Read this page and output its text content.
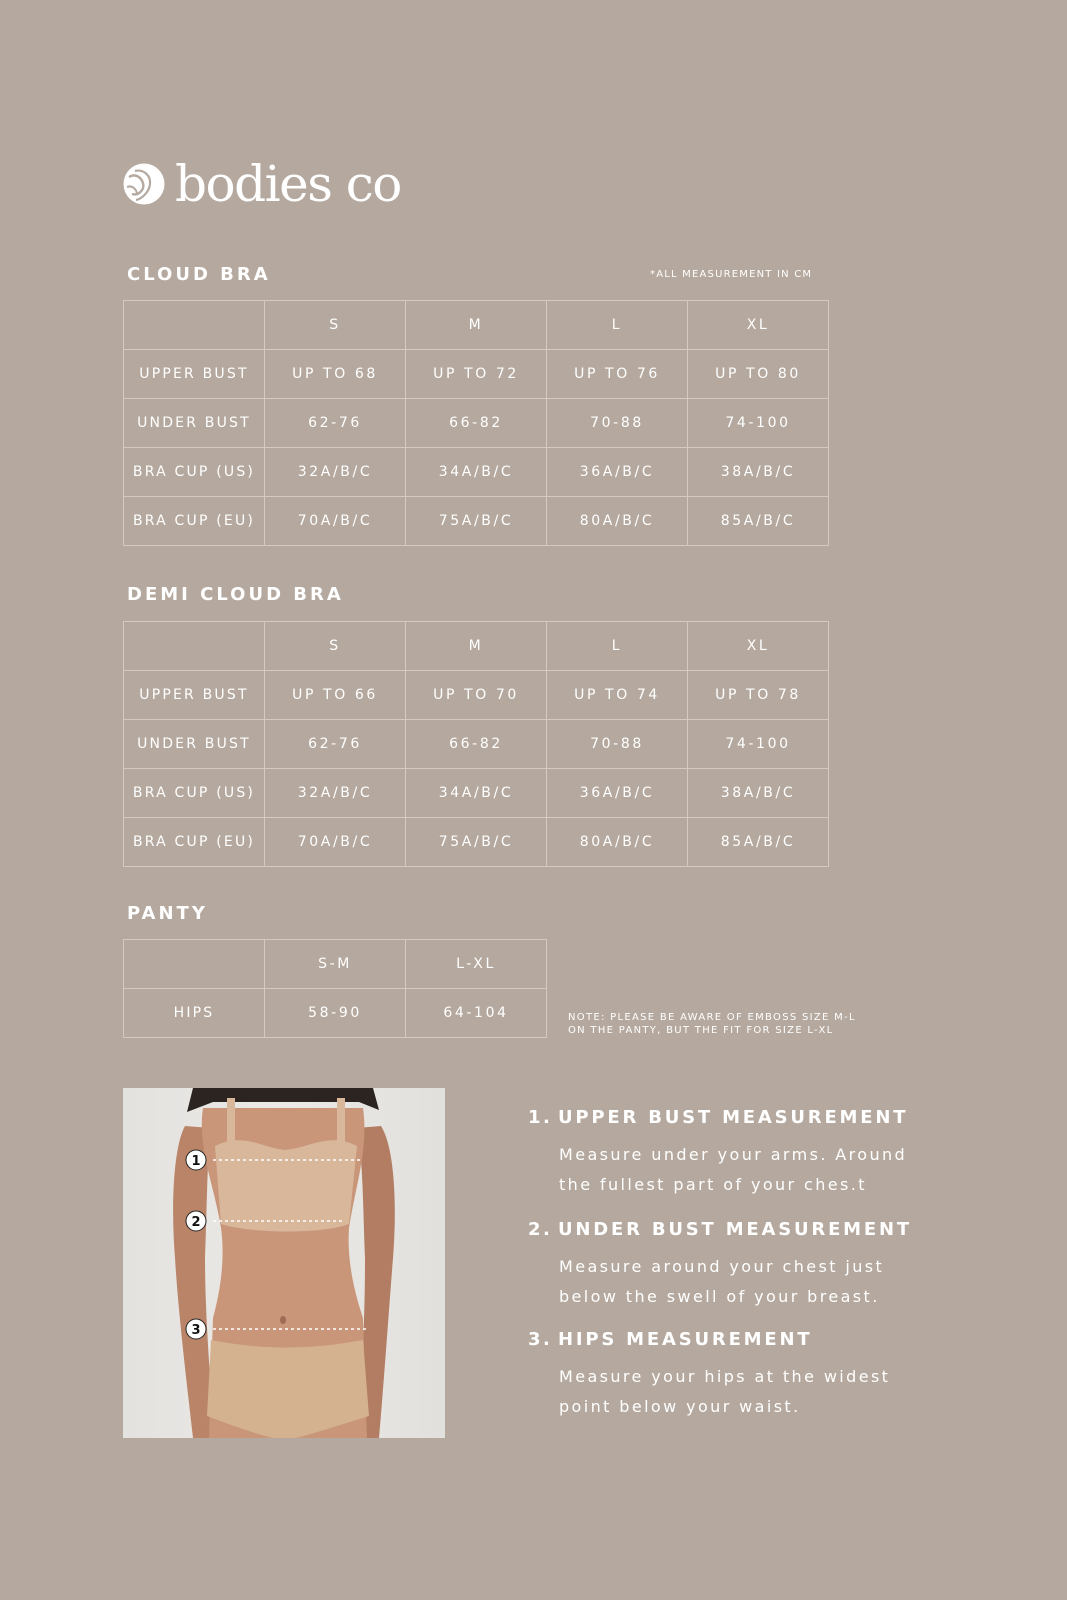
bodies co
CLOUD BRA	*ALL MEASUREMENT IN CM
	S	M	L	XL
UPPER BUST	UP TO 68	UP TO 72	UP TO 76	UP TO 80
UNDER BUST	62-76	66-82	70-88	74-100
BRA CUP (US)	32A/B/C	34A/B/C	36A/B/C	38A/B/C
BRA CUP (EU)	70A/B/C	75A/B/C	80A/B/C	85A/B/C
DEMI CLOUD BRA
	S	M	L	XL
UPPER BUST	UP TO 66	UP TO 70	UP TO 74	UP TO 78
UNDER BUST	62-76	66-82	70-88	74-100
BRA CUP (US)	32A/B/C	34A/B/C	36A/B/C	38A/B/C
BRA CUP (EU)	70A/B/C	75A/B/C	80A/B/C	85A/B/C
PANTY
	S-M	L-XL
HIPS	58-90	64-104	NOTE: PLEASE BE AWARE OF EMBOSS SIZE M-L
ON THE PANTY, BUT THE FIT FOR SIZE L-XL
1
2
3
1. UPPER BUST MEASUREMENT
Measure under your arms. Around
the fullest part of your ches.t
2. UNDER BUST MEASUREMENT
Measure around your chest just
below the swell of your breast.
3. HIPS MEASUREMENT
Measure your hips at the widest
point below your waist.
